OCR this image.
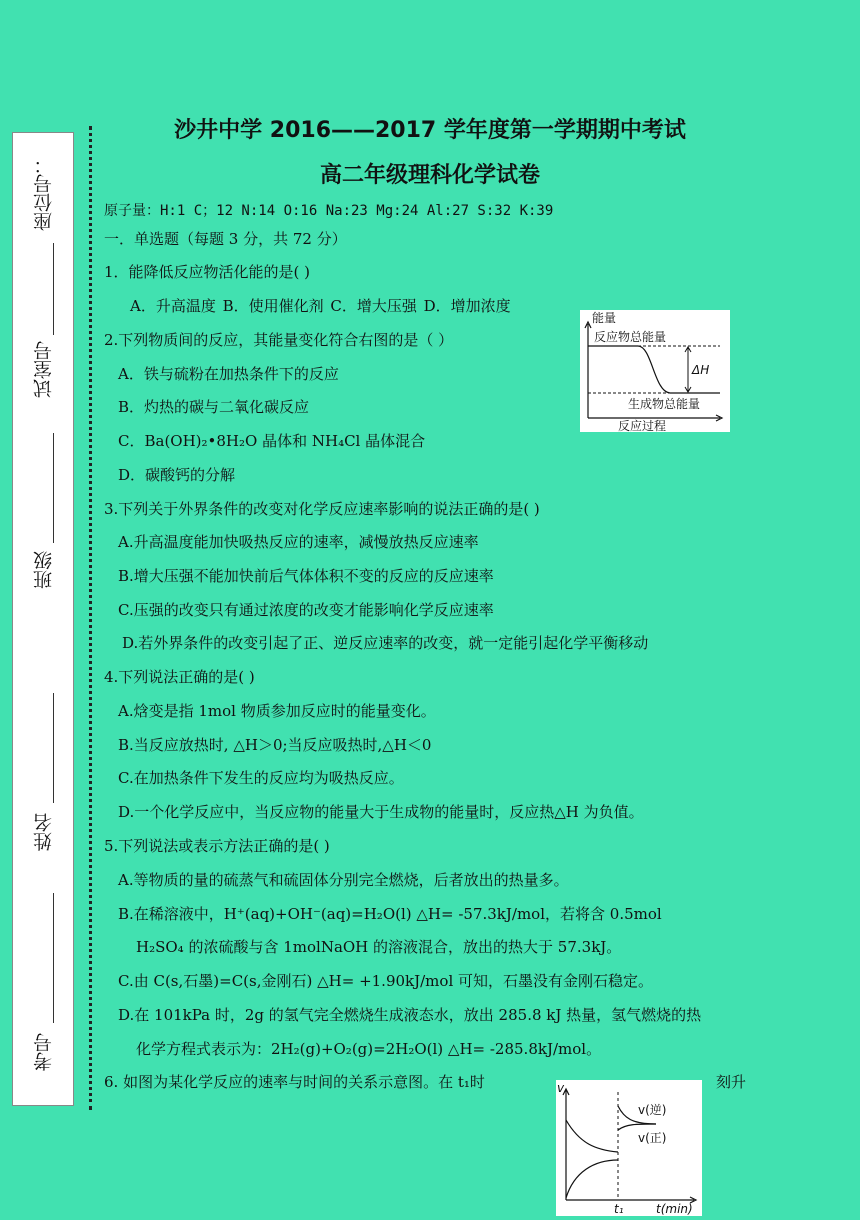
座位号：
试室号
班级
姓名
考号
沙井中学 2016——2017 学年度第一学期期中考试
高二年级理科化学试卷
原子量：H:1 C；12 N:14 O:16 Na:23 Mg:24 Al:27 S:32 K:39
一．单选题（每题 3 分，共 72 分）
1．能降低反应物活化能的是( )
A．升高温度 B．使用催化剂 C．增大压强 D．增加浓度
2.下列物质间的反应，其能量变化符合右图的是（ ）
A．铁与硫粉在加热条件下的反应
B．灼热的碳与二氧化碳反应
C．Ba(OH)₂•8H₂O 晶体和 NH₄Cl 晶体混合
D．碳酸钙的分解
能量
反应物总能量
ΔH
生成物总能量
反应过程
3.下列关于外界条件的改变对化学反应速率影响的说法正确的是( )
A.升高温度能加快吸热反应的速率，减慢放热反应速率
B.增大压强不能加快前后气体体积不变的反应的反应速率
C.压强的改变只有通过浓度的改变才能影响化学反应速率
D.若外界条件的改变引起了正、逆反应速率的改变，就一定能引起化学平衡移动
4.下列说法正确的是( )
A.焓变是指 1mol 物质参加反应时的能量变化。
B.当反应放热时, △H＞0;当反应吸热时,△H＜0
C.在加热条件下发生的反应均为吸热反应。
D.一个化学反应中，当反应物的能量大于生成物的能量时，反应热△H 为负值。
5.下列说法或表示方法正确的是( )
A.等物质的量的硫蒸气和硫固体分别完全燃烧，后者放出的热量多。
B.在稀溶液中，H⁺(aq)+OH⁻(aq)=H₂O(l) △H= -57.3kJ/mol，若将含 0.5mol
H₂SO₄ 的浓硫酸与含 1molNaOH 的溶液混合，放出的热大于 57.3kJ。
C.由 C(s,石墨)=C(s,金刚石) △H= +1.90kJ/mol 可知，石墨没有金刚石稳定。
D.在 101kPa 时，2g 的氢气完全燃烧生成液态水，放出 285.8 kJ 热量，氢气燃烧的热
化学方程式表示为：2H₂(g)+O₂(g)=2H₂O(l) △H= -285.8kJ/mol。
6. 如图为某化学反应的速率与时间的关系示意图。在 t₁时	刻升
v
v(逆)
v(正)
t₁	t(min)
